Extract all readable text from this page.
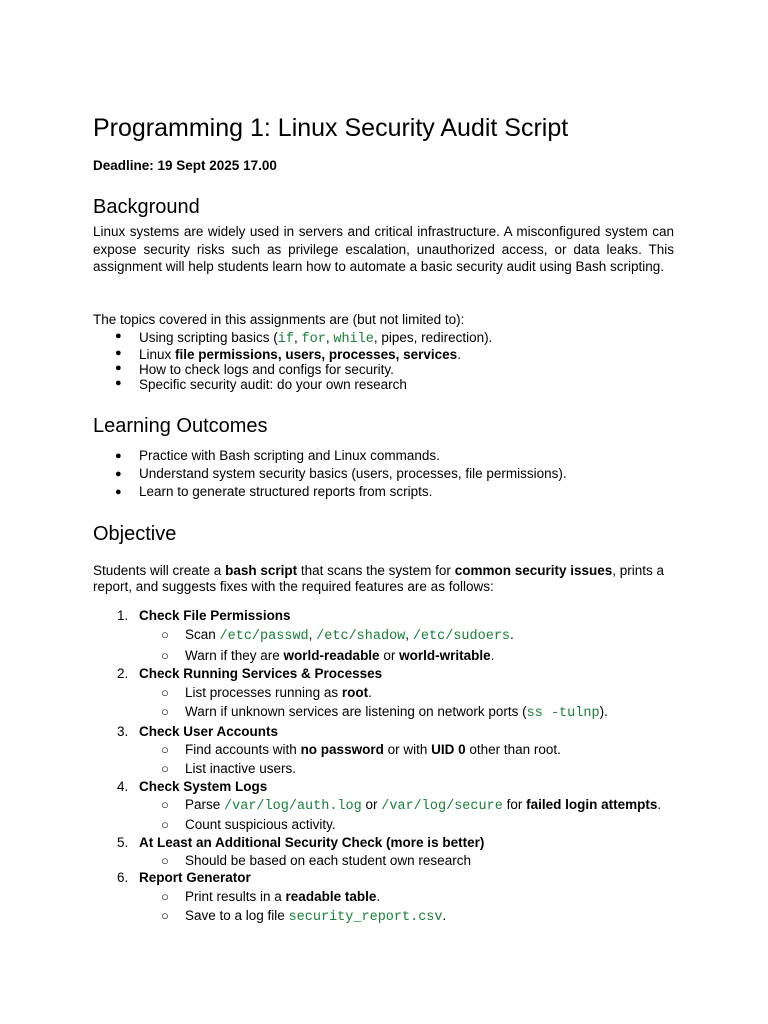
Programming 1: Linux Security Audit Script

Deadline: 19 Sept 2025 17.00

Background

Linux systems are widely used in servers and critical infrastructure. A misconfigured system can expose security risks such as privilege escalation, unauthorized access, or data leaks. This assignment will help students learn how to automate a basic security audit using Bash scripting.

The topics covered in this assignments are (but not limited to):

● Using scripting basics (if, for, while, pipes, redirection).
● Linux file permissions, users, processes, services.
● How to check logs and configs for security.
● Specific security audit: do your own research
Learning Outcomes
● Practice with Bash scripting and Linux commands.
● Understand system security basics (users, processes, file permissions).
● Learn to generate structured reports from scripts.
Objective

Students will create a bash script that scans the system for common security issues, prints a report, and suggests fixes with the required features are as follows:

1. Check File Permissions
○ Scan /etc/passwd, /etc/shadow, /etc/sudoers.
○ Warn if they are world-readable or world-writable.
2. Check Running Services & Processes
○ List processes running as root.
○ Warn if unknown services are listening on network ports (ss -tulnp).
3. Check User Accounts
○ Find accounts with no password or with UID 0 other than root.
○ List inactive users.
4. Check System Logs
○ Parse /var/log/auth.log or /var/log/secure for failed login attempts.
○ Count suspicious activity.
5. At Least an Additional Security Check (more is better)
○ Should be based on each student own research
6. Report Generator
○ Print results in a readable table.
○ Save to a log file security_report.csv.
